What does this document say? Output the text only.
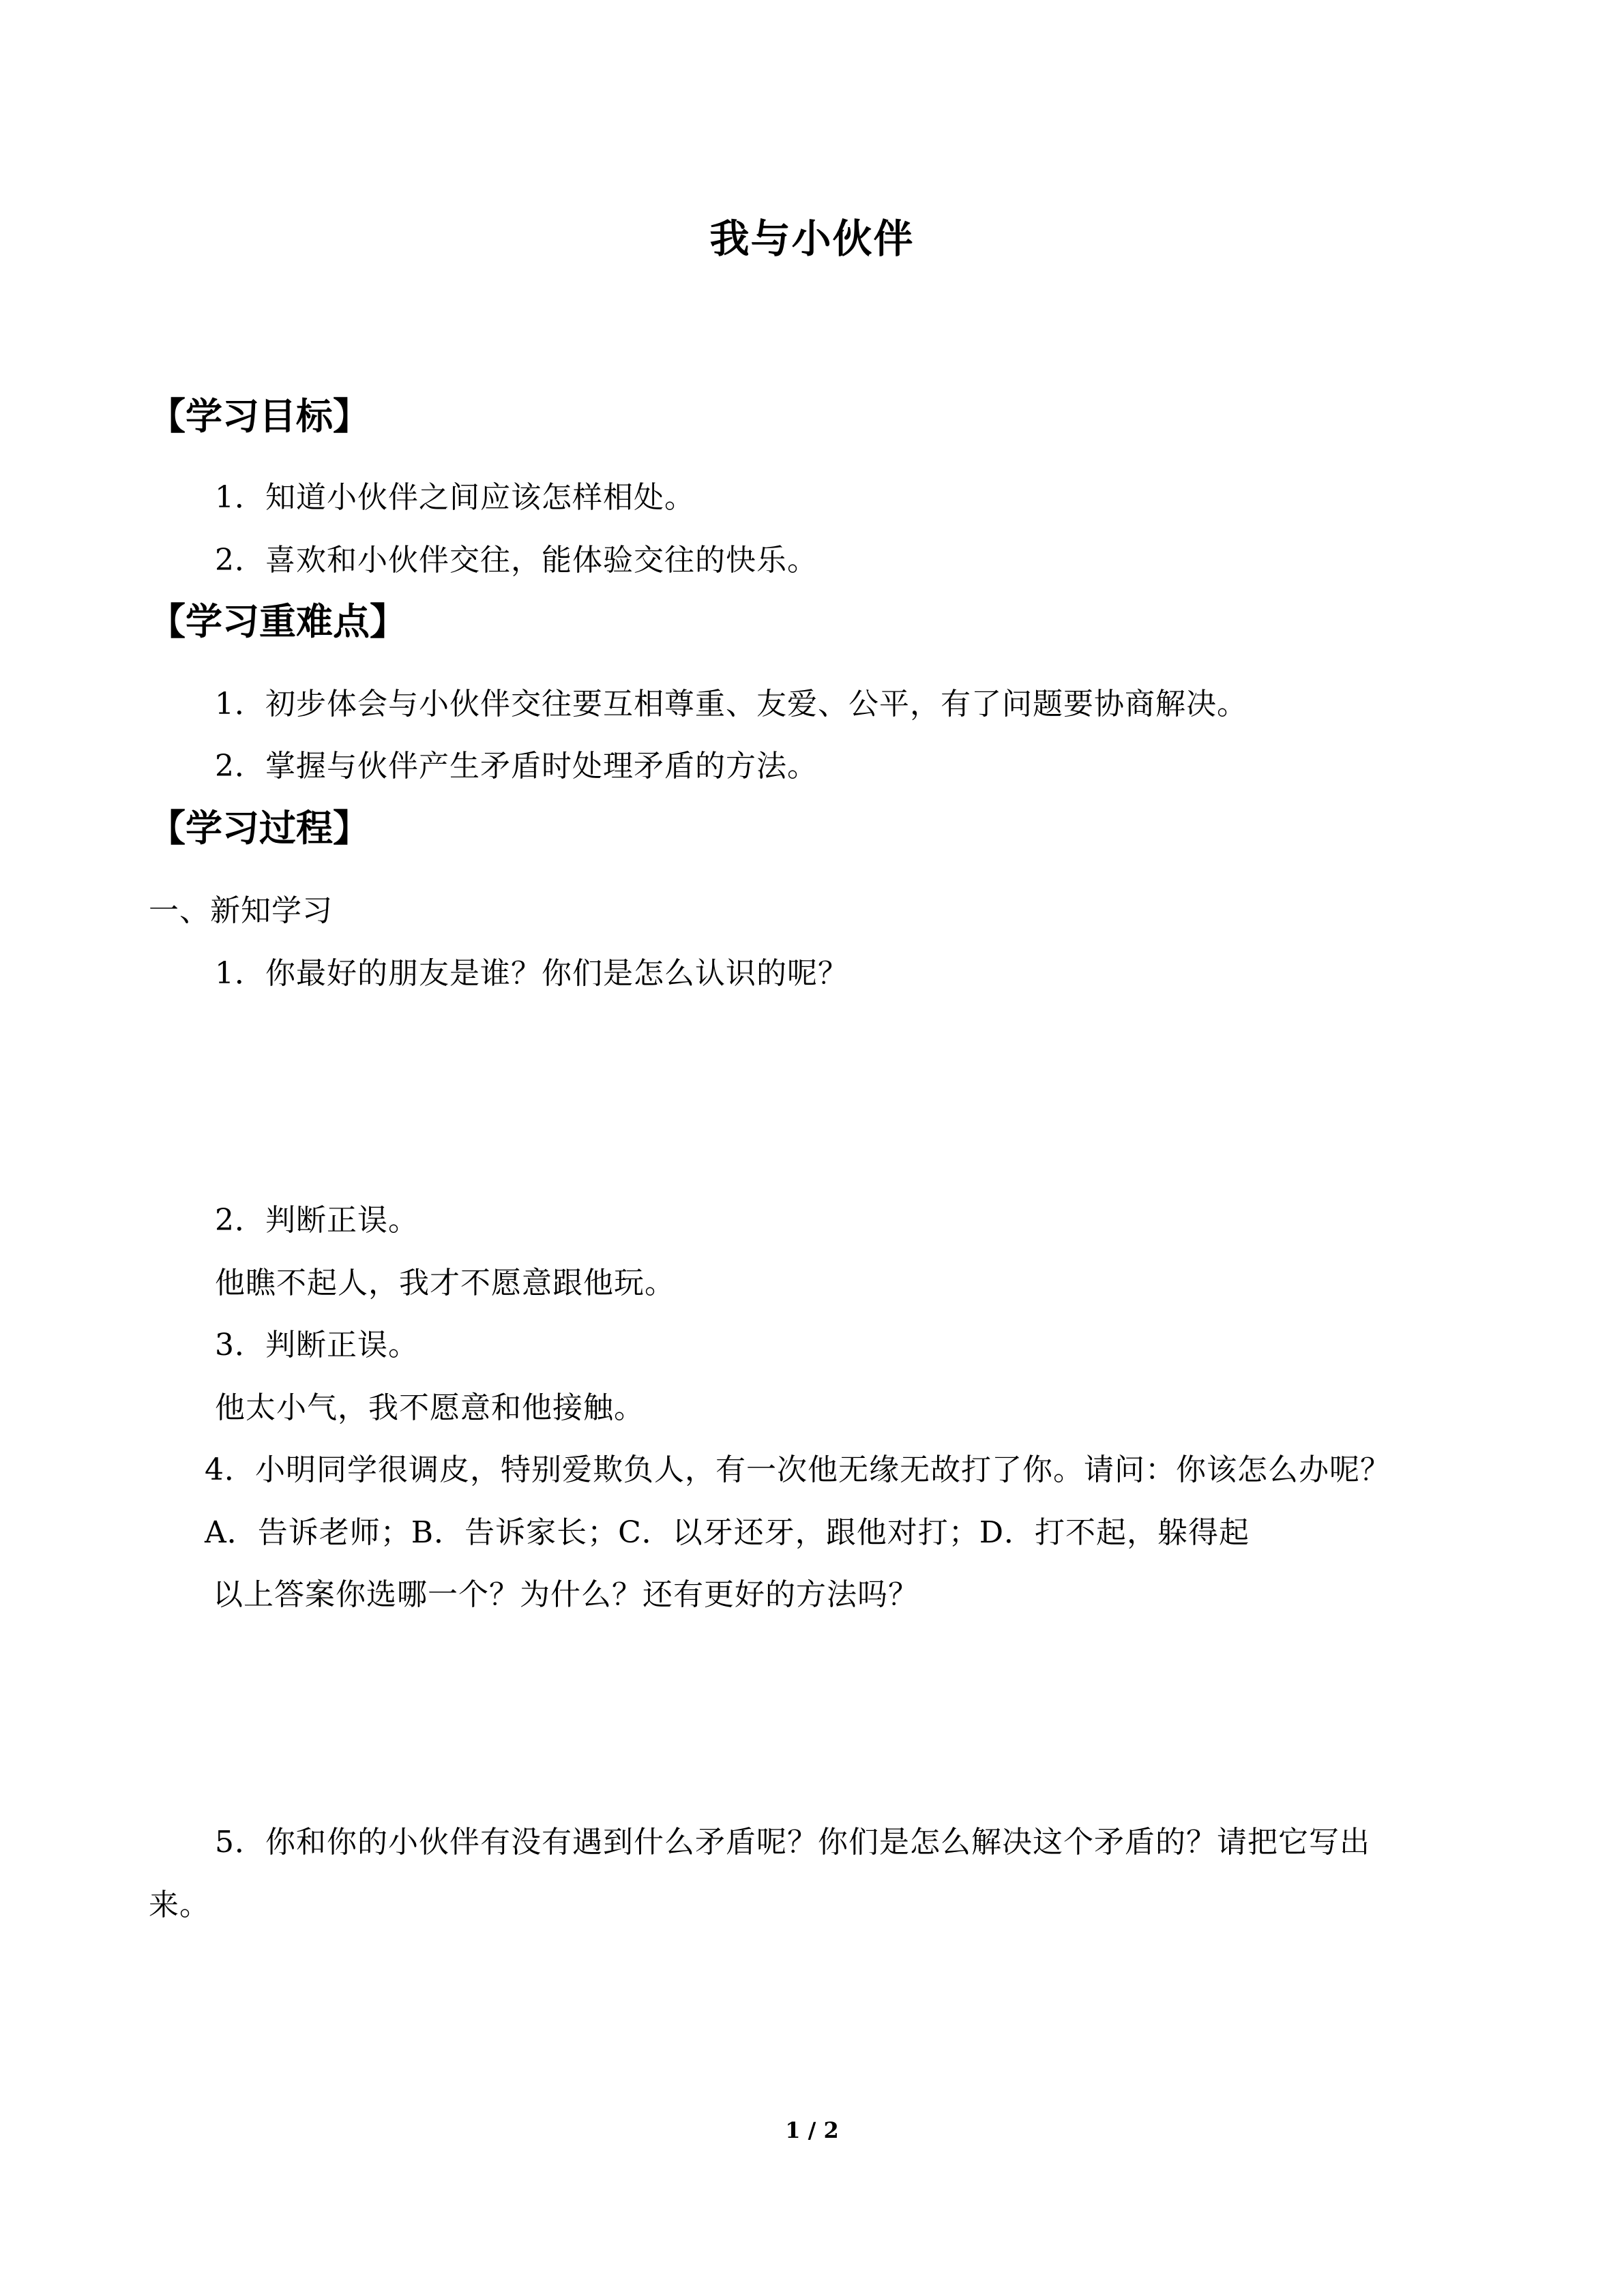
我与小伙伴
【学习目标】
1．知道小伙伴之间应该怎样相处。
2．喜欢和小伙伴交往，能体验交往的快乐。
【学习重难点】
1．初步体会与小伙伴交往要互相尊重、友爱、公平，有了问题要协商解决。
2．掌握与伙伴产生矛盾时处理矛盾的方法。
【学习过程】
一、新知学习
1．你最好的朋友是谁？你们是怎么认识的呢？
2．判断正误。
他瞧不起人，我才不愿意跟他玩。
3．判断正误。
他太小气，我不愿意和他接触。
4．小明同学很调皮，特别爱欺负人，有一次他无缘无故打了你。请问：你该怎么办呢？
A．告诉老师；B．告诉家长；C．以牙还牙，跟他对打；D．打不起，躲得起
以上答案你选哪一个？为什么？还有更好的方法吗？
5．你和你的小伙伴有没有遇到什么矛盾呢？你们是怎么解决这个矛盾的？请把它写出
来。
1 / 2
